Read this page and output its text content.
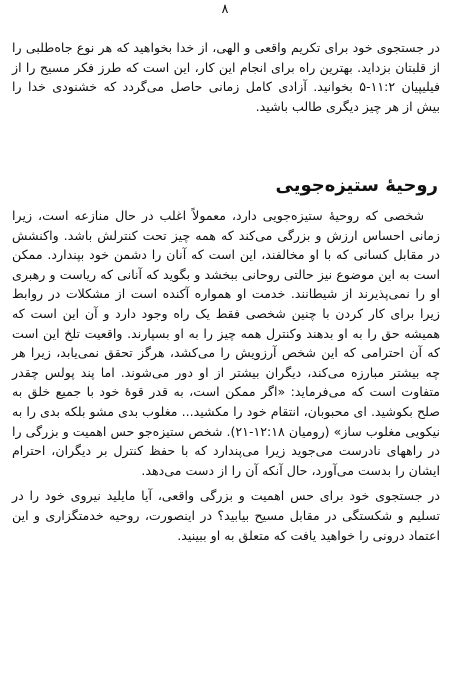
۸

در جستجوی خود برای تکریم واقعی و الهی، از خدا بخواهید که هر نوع جاه‌طلبی را از قلبتان بزداید. بهترین راه برای انجام این کار، این است که طرز فکر مسیح را از فیلیپیان ۱۱:۲-۵ بخوانید. آزادی کامل زمانی حاصل می‌گردد که خشنودی خدا را بیش از هر چیز دیگری طالب باشید.

روحیهٔ ستیزه‌جویی

شخصی که روحیهٔ ستیزه‌جویی دارد، معمولاً اغلب در حال منازعه است، زیرا زمانی احساس ارزش و بزرگی می‌کند که همه چیز تحت کنترلش باشد. واکنشش در مقابل کسانی که با او مخالفند، این است که آنان را دشمن خود بپندارد. ممکن است به این موضوع نیز حالتی روحانی ببخشد و بگوید که آنانی که ریاست و رهبری او را نمی‌پذیرند از شیطانند. خدمت او همواره آکنده است از مشکلات در روابط زیرا برای کار کردن با چنین شخصی فقط یک راه وجود دارد و آن این است که همیشه حق را به او بدهند وکنترل همه چیز را به او بسپارند. واقعیت تلخ این است که آن احترامی که این شخص آرزویش را می‌کشد، هرگز تحقق نمی‌یابد، زیرا هر چه بیشتر مبارزه می‌کند، دیگران بیشتر از او دور می‌شوند. اما پند پولس چقدر متفاوت است که می‌فرماید: «اگر ممکن است، به قدر قوهٔ خود با جمیع خلق به صلح بکوشید. ای محبوبان، انتقام خود را مکشید... مغلوب بدی مشو بلکه بدی را به نیکویی مغلوب ساز» (رومیان ۱۲:۱۸-۲۱). شخص ستیزه‌جو حس اهمیت و بزرگی را در راههای نادرست می‌جوید زیرا می‌پندارد که با حفظ کنترل بر دیگران، احترام ایشان را بدست می‌آورد، حال آنکه آن را از دست می‌دهد.

در جستجوی خود برای حس اهمیت و بزرگی واقعی، آیا مایلید نیروی خود را در تسلیم و شکستگی در مقابل مسیح بیابید؟ در اینصورت، روحیه خدمتگزاری و این اعتماد درونی را خواهید یافت که متعلق به او ببینید.
